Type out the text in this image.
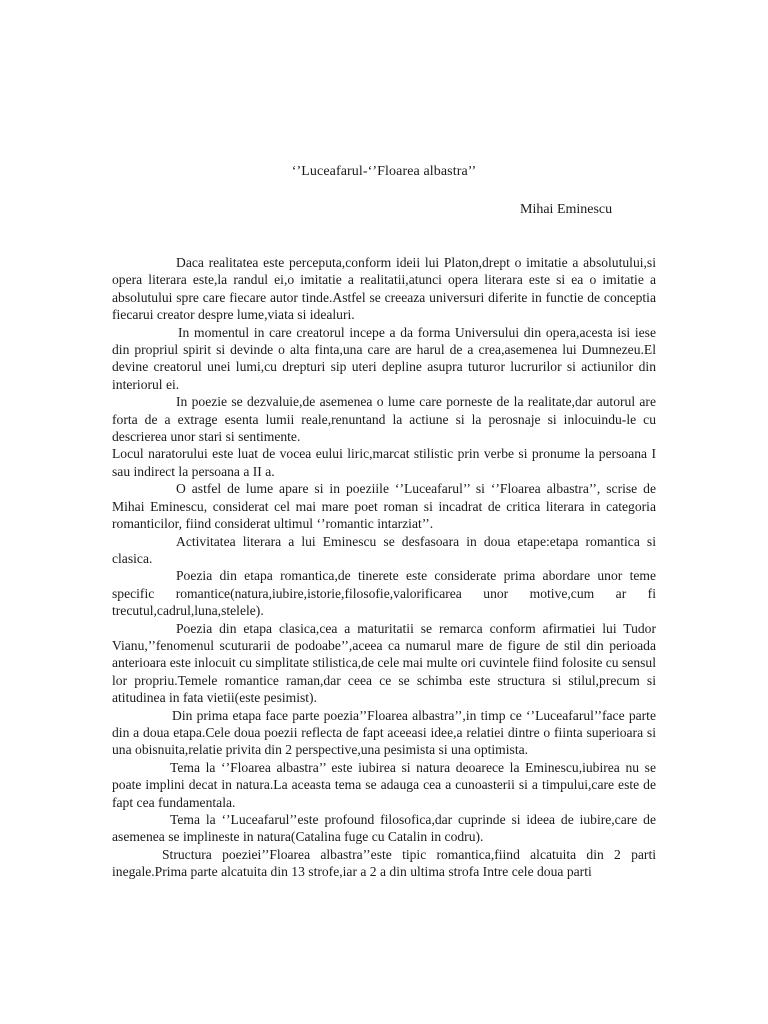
‘’Luceafarul-‘’Floarea albastra’’
Mihai Eminescu

Daca realitatea este perceputa,conform ideii lui Platon,drept o imitatie a absolutului,si opera literara este,la randul ei,o imitatie a realitatii,atunci opera literara este si ea o imitatie a absolutului spre care fiecare autor tinde.Astfel se creeaza universuri diferite in functie de conceptia fiecarui creator despre lume,viata si idealuri.

In momentul in care creatorul incepe a da forma Universului din opera,acesta isi iese din propriul spirit si devinde o alta finta,una care are harul de a crea,asemenea lui Dumnezeu.El devine creatorul unei lumi,cu drepturi sip uteri depline asupra tuturor lucrurilor si actiunilor din interiorul ei.

In poezie se dezvaluie,de asemenea o lume care porneste de la realitate,dar autorul are forta de a extrage esenta lumii reale,renuntand la actiune si la perosnaje si inlocuindu-le cu descrierea unor stari si sentimente.

Locul naratorului este luat de vocea eului liric,marcat stilistic prin verbe si pronume la persoana I sau indirect la persoana a II a.

O astfel de lume apare si in poeziile ‘’Luceafarul’’ si ‘’Floarea albastra’’, scrise de Mihai Eminescu, considerat cel mai mare poet roman si incadrat de critica literara in categoria romanticilor, fiind considerat ultimul ‘’romantic intarziat’’.

Activitatea literara a lui Eminescu se desfasoara in doua etape:etapa romantica si clasica.

Poezia din etapa romantica,de tinerete este considerate prima abordare unor teme specific romantice(natura,iubire,istorie,filosofie,valorificarea unor motive,cum ar fi trecutul,cadrul,luna,stelele).

Poezia din etapa clasica,cea a maturitatii se remarca conform afirmatiei lui Tudor Vianu,’’fenomenul scuturarii de podoabe’’,aceea ca numarul mare de figure de stil din perioada anterioara este inlocuit cu simplitate stilistica,de cele mai multe ori cuvintele fiind folosite cu sensul lor propriu.Temele romantice raman,dar ceea ce se schimba este structura si stilul,precum si atitudinea in fata vietii(este pesimist).

Din prima etapa face parte poezia’’Floarea albastra’’,in timp ce ‘’Luceafarul’’face parte din a doua etapa.Cele doua poezii reflecta de fapt aceeasi idee,a relatiei dintre o fiinta superioara si una obisnuita,relatie privita din 2 perspective,una pesimista si una optimista.

Tema la ‘’Floarea albastra’’ este iubirea si natura deoarece la Eminescu,iubirea nu se poate implini decat in natura.La aceasta tema se adauga cea a cunoasterii si a timpului,care este de fapt cea fundamentala.

Tema la ‘’Luceafarul’’este profound filosofica,dar cuprinde si ideea de iubire,care de asemenea se implineste in natura(Catalina fuge cu Catalin in codru).

Structura poeziei’’Floarea albastra’’este tipic romantica,fiind alcatuita din 2 parti inegale.Prima parte alcatuita din 13 strofe,iar a 2 a din ultima strofa Intre cele doua parti
